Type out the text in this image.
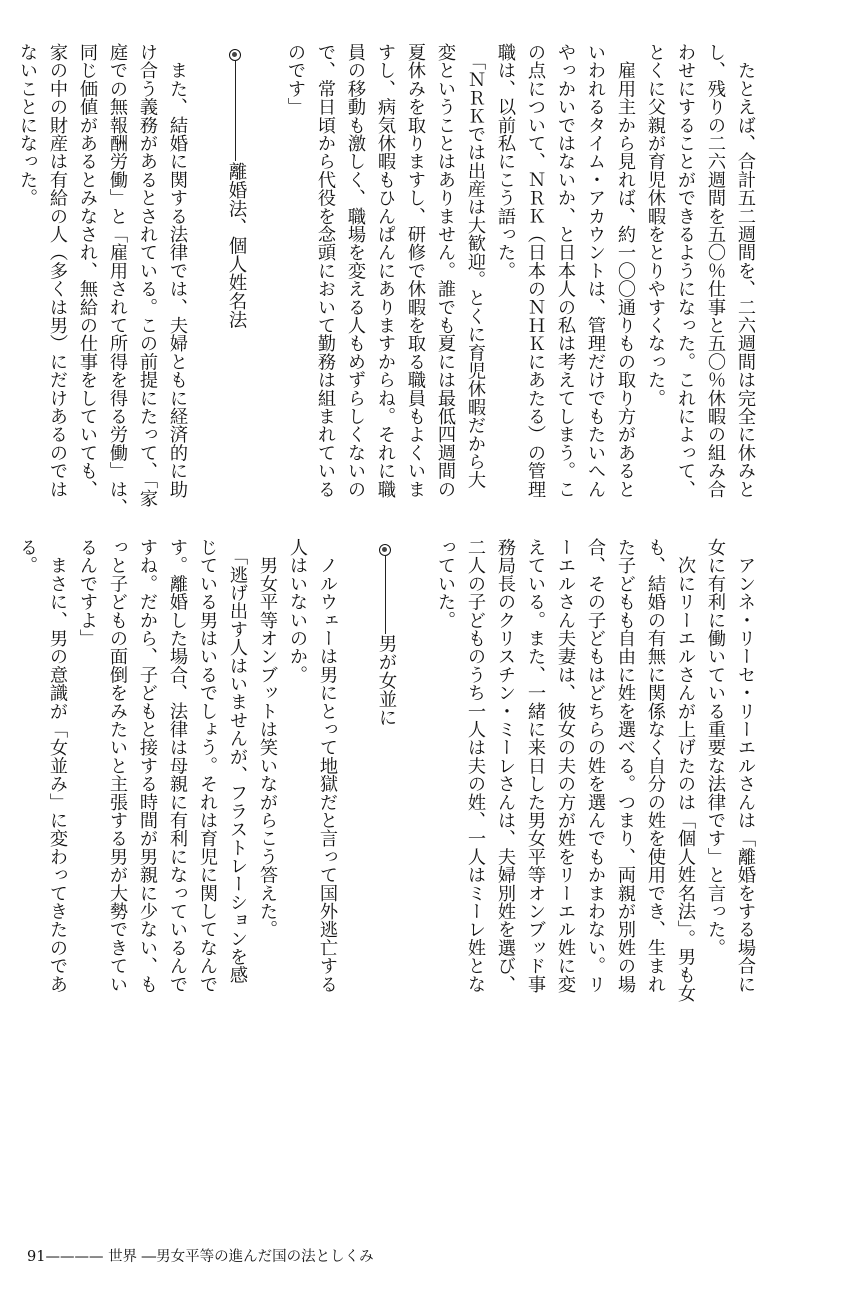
　たとえば、合計五二週間を、二六週間は完全に休みと
し、残りの二六週間を五〇％仕事と五〇％休暇の組み合
わせにすることができるようになった。これによって、
とくに父親が育児休暇をとりやすくなった。
　雇用主から見れば、約一〇〇通りもの取り方があると
いわれるタイム・アカウントは、管理だけでもたいへん
やっかいではないか、と日本人の私は考えてしまう。こ
の点について、ＮＲＫ（日本のＮＨＫにあたる）の管理
職は、以前私にこう語った。
　「ＮＲＫでは出産は大歓迎。とくに育児休暇だから大
変ということはありません。誰でも夏には最低四週間の
夏休みを取りますし、研修で休暇を取る職員もよくいま
すし、病気休暇もひんぱんにありますからね。それに職
員の移動も激しく、職場を変える人もめずらしくないの
で、常日頃から代役を念頭において勤務は組まれている
のです」
離婚法、個人姓名法
　また、結婚に関する法律では、夫婦ともに経済的に助
け合う義務があるとされている。この前提にたって、「家
庭での無報酬労働」と「雇用されて所得を得る労働」は、
同じ価値があるとみなされ、無給の仕事をしていても、
家の中の財産は有給の人（多くは男）にだけあるのでは
ないことになった。
　アンネ・リーセ・リーエルさんは「離婚をする場合に
女に有利に働いている重要な法律です」と言った。
　次にリーエルさんが上げたのは「個人姓名法」。男も女
も、結婚の有無に関係なく自分の姓を使用でき、生まれ
た子どもも自由に姓を選べる。つまり、両親が別姓の場
合、その子どもはどちらの姓を選んでもかまわない。リ
ーエルさん夫妻は、彼女の夫の方が姓をリーエル姓に変
えている。また、一緒に来日した男女平等オンブッド事
務局長のクリスチン・ミーレさんは、夫婦別姓を選び、
二人の子どものうち一人は夫の姓、一人はミーレ姓とな
っていた。
男が女並に
　ノルウェーは男にとって地獄だと言って国外逃亡する
人はいないのか。
　男女平等オンブットは笑いながらこう答えた。
　「逃げ出す人はいませんが、フラストレーションを感
じている男はいるでしょう。それは育児に関してなんで
す。離婚した場合、法律は母親に有利になっているんで
すね。だから、子どもと接する時間が男親に少ない、も
っと子どもの面倒をみたいと主張する男が大勢できてい
るんですよ」
　まさに、男の意識が「女並み」に変わってきたのであ
る。
91———— 世界 ―男女平等の進んだ国の法としくみ
